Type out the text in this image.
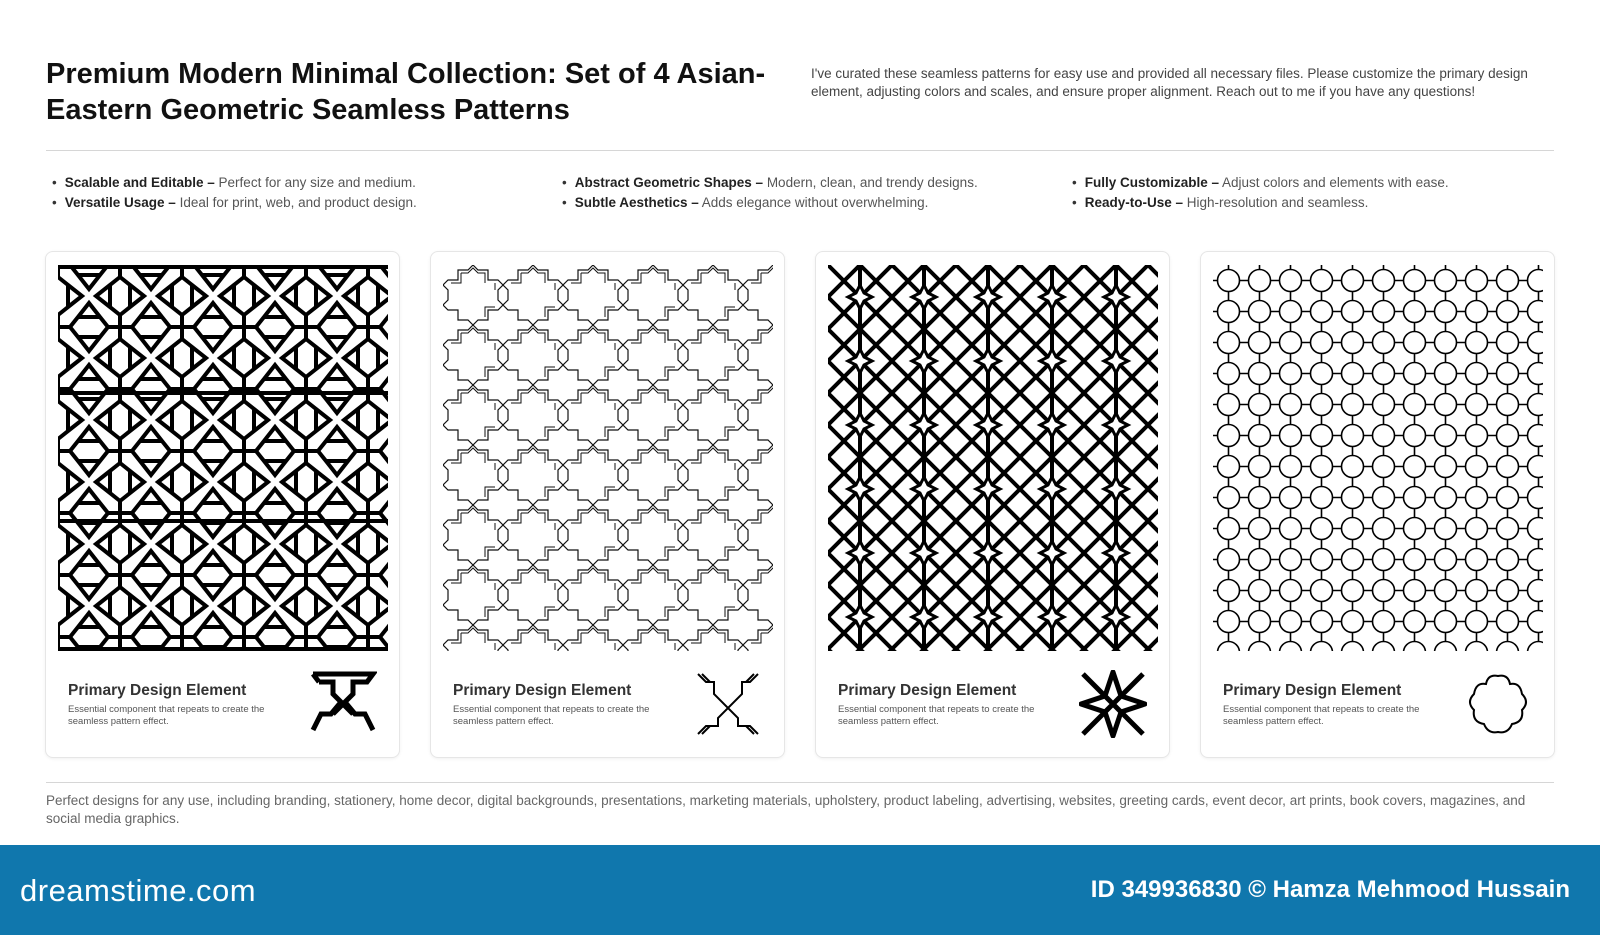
Premium Modern Minimal Collection: Set of 4 Asian-Eastern Geometric Seamless Patterns
I've curated these seamless patterns for easy use and provided all necessary files. Please customize the primary design element, adjusting colors and scales, and ensure proper alignment. Reach out to me if you have any questions!
• Scalable and Editable – Perfect for any size and medium.	• Abstract Geometric Shapes – Modern, clean, and trendy designs.	• Fully Customizable – Adjust colors and elements with ease.
• Versatile Usage – Ideal for print, web, and product design.	• Subtle Aesthetics – Adds elegance without overwhelming.	• Ready-to-Use – High-resolution and seamless.
Primary Design Element
Essential component that repeats to create the seamless pattern effect.
Primary Design Element
Essential component that repeats to create the seamless pattern effect.
Primary Design Element
Essential component that repeats to create the seamless pattern effect.
Primary Design Element
Essential component that repeats to create the seamless pattern effect.
Perfect designs for any use, including branding, stationery, home decor, digital backgrounds, presentations, marketing materials, upholstery, product labeling, advertising, websites, greeting cards, event decor, art prints, book covers, magazines, and social media graphics.
dreamstime.com	ID 349936830 © Hamza Mehmood Hussain
